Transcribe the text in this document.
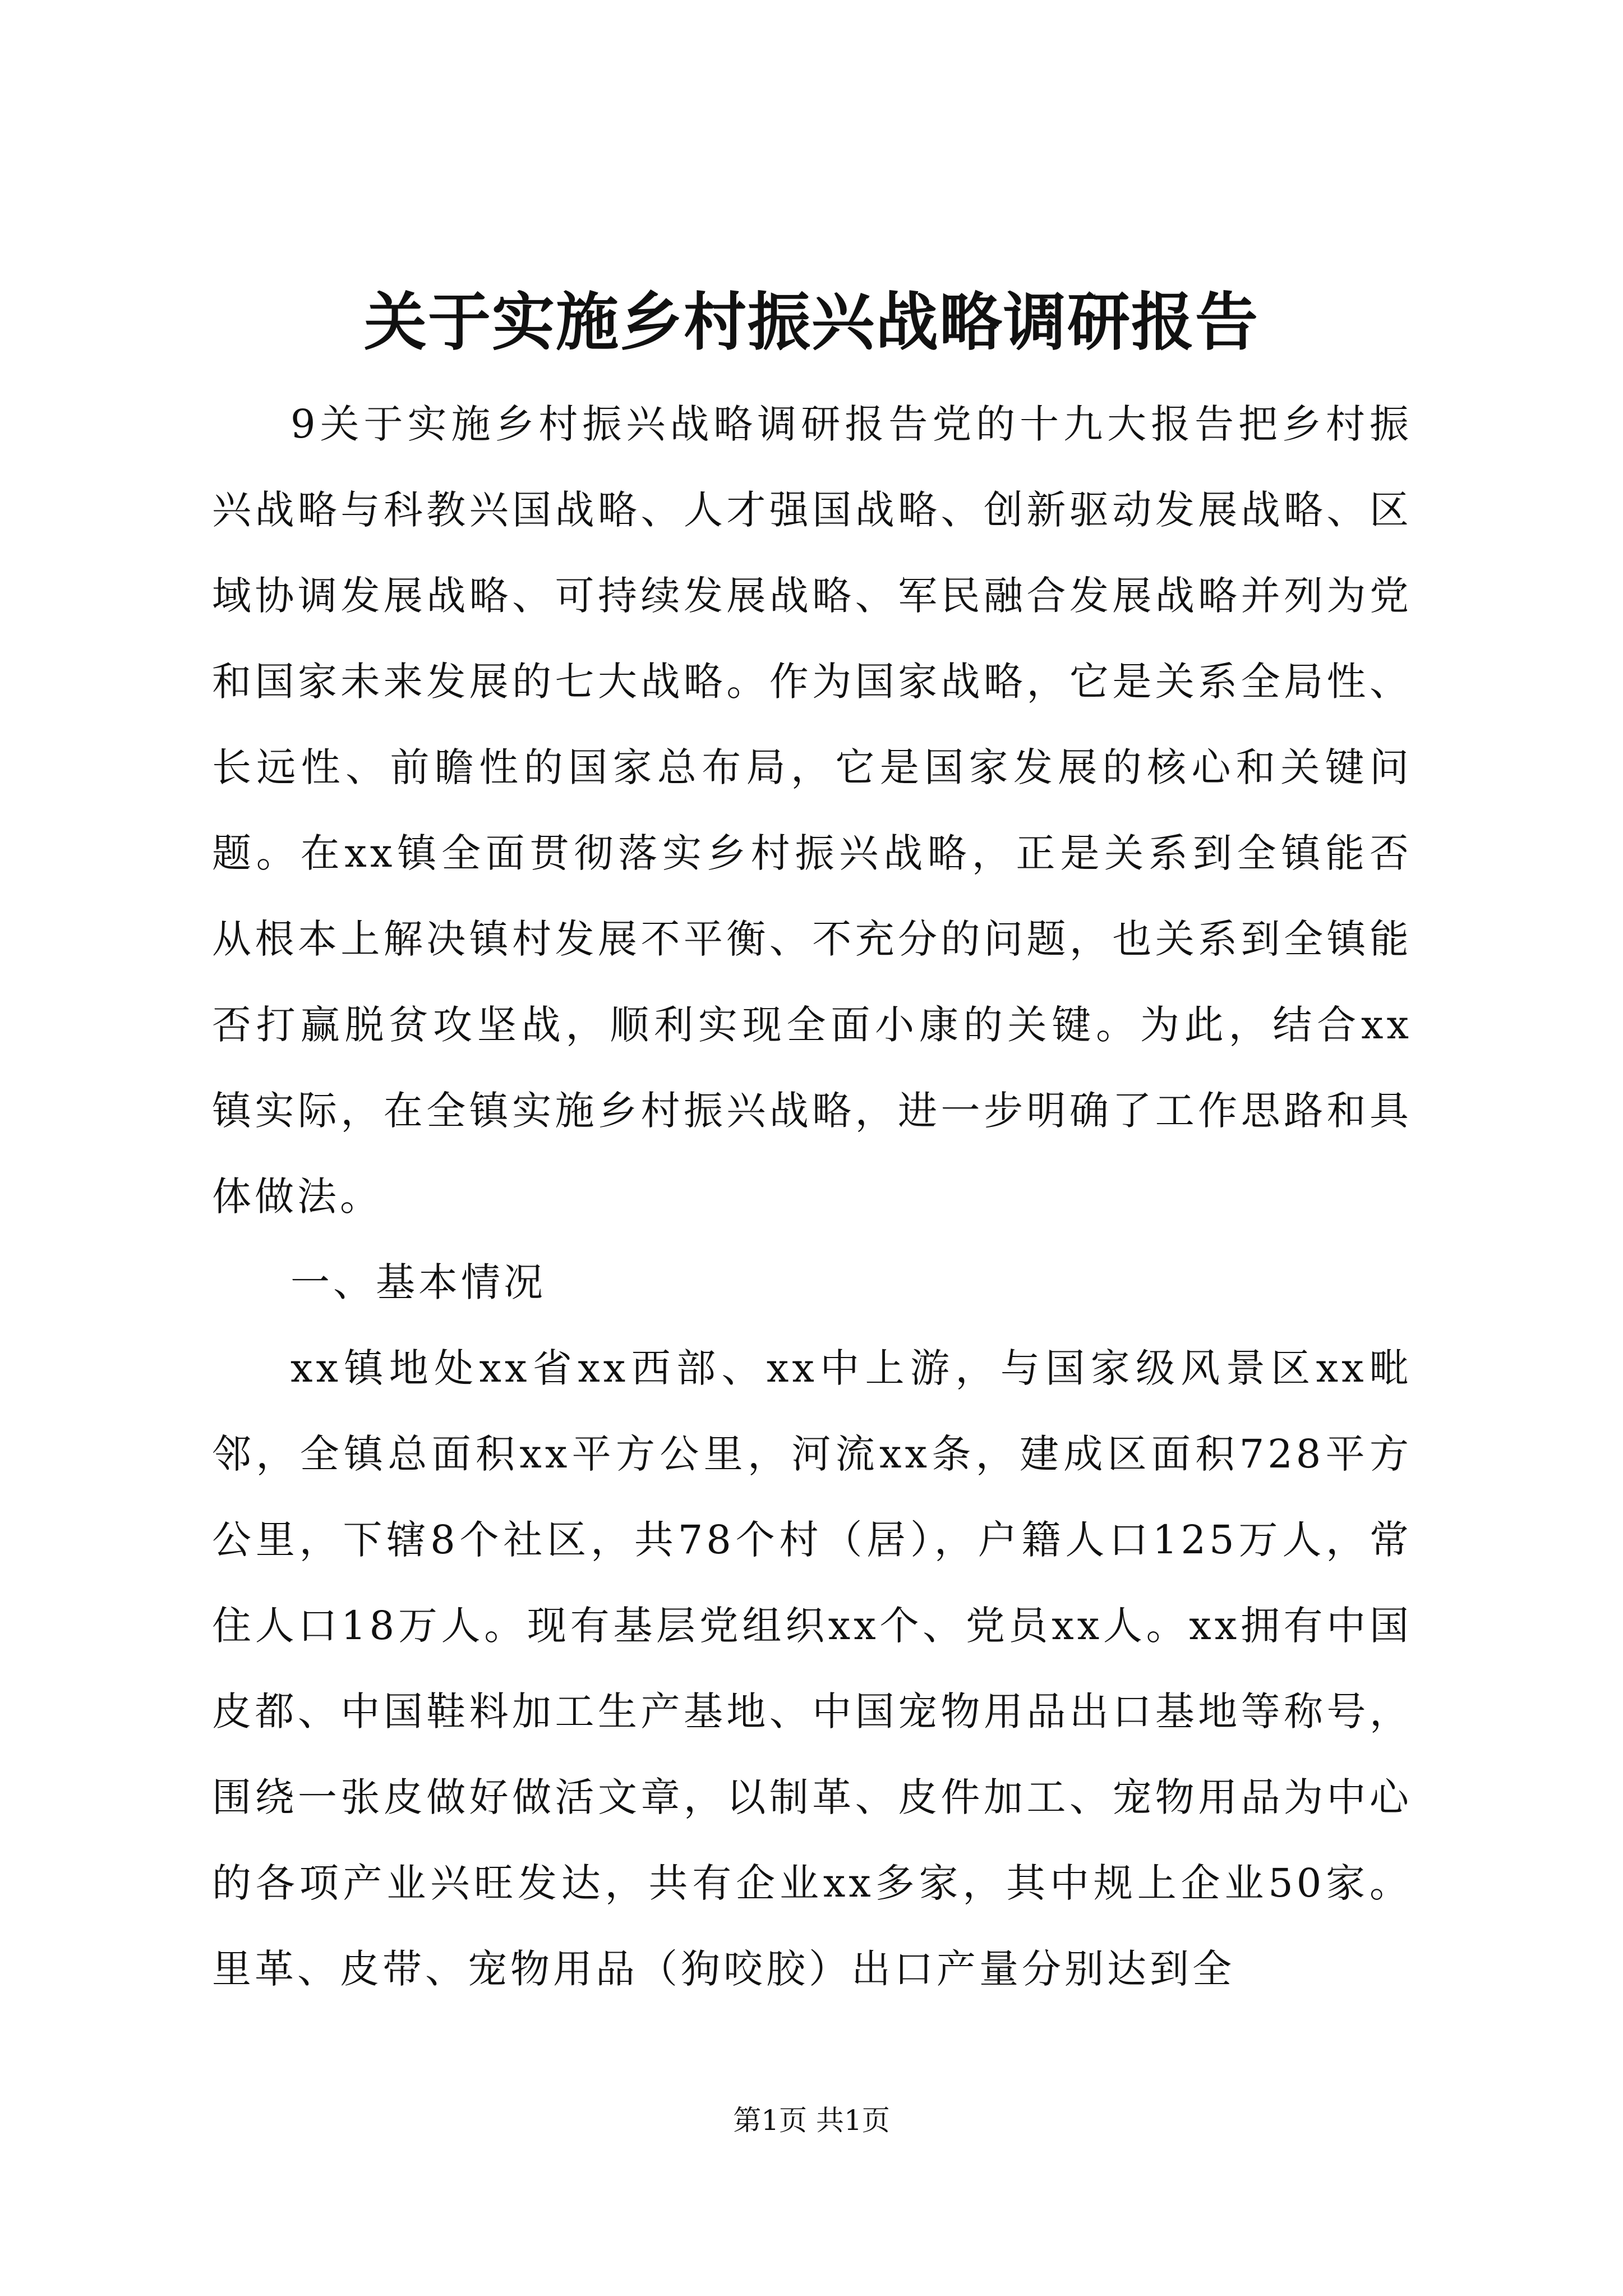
关于实施乡村振兴战略调研报告

9关于实施乡村振兴战略调研报告党的十九大报告把乡村振兴战略与科教兴国战略、人才强国战略、创新驱动发展战略、区域协调发展战略、可持续发展战略、军民融合发展战略并列为党和国家未来发展的七大战略。作为国家战略，它是关系全局性、长远性、前瞻性的国家总布局，它是国家发展的核心和关键问题。在xx镇全面贯彻落实乡村振兴战略，正是关系到全镇能否从根本上解决镇村发展不平衡、不充分的问题，也关系到全镇能否打赢脱贫攻坚战，顺利实现全面小康的关键。为此，结合xx镇实际，在全镇实施乡村振兴战略，进一步明确了工作思路和具体做法。

一、基本情况

xx镇地处xx省xx西部、xx中上游，与国家级风景区xx毗邻，全镇总面积xx平方公里，河流xx条，建成区面积728平方公里，下辖8个社区，共78个村（居），户籍人口125万人，常住人口18万人。现有基层党组织xx个、党员xx人。xx拥有中国皮都、中国鞋料加工生产基地、中国宠物用品出口基地等称号，围绕一张皮做好做活文章，以制革、皮件加工、宠物用品为中心的各项产业兴旺发达，共有企业xx多家，其中规上企业50家。里革、皮带、宠物用品（狗咬胶）出口产量分别达到全

第1页 共1页
